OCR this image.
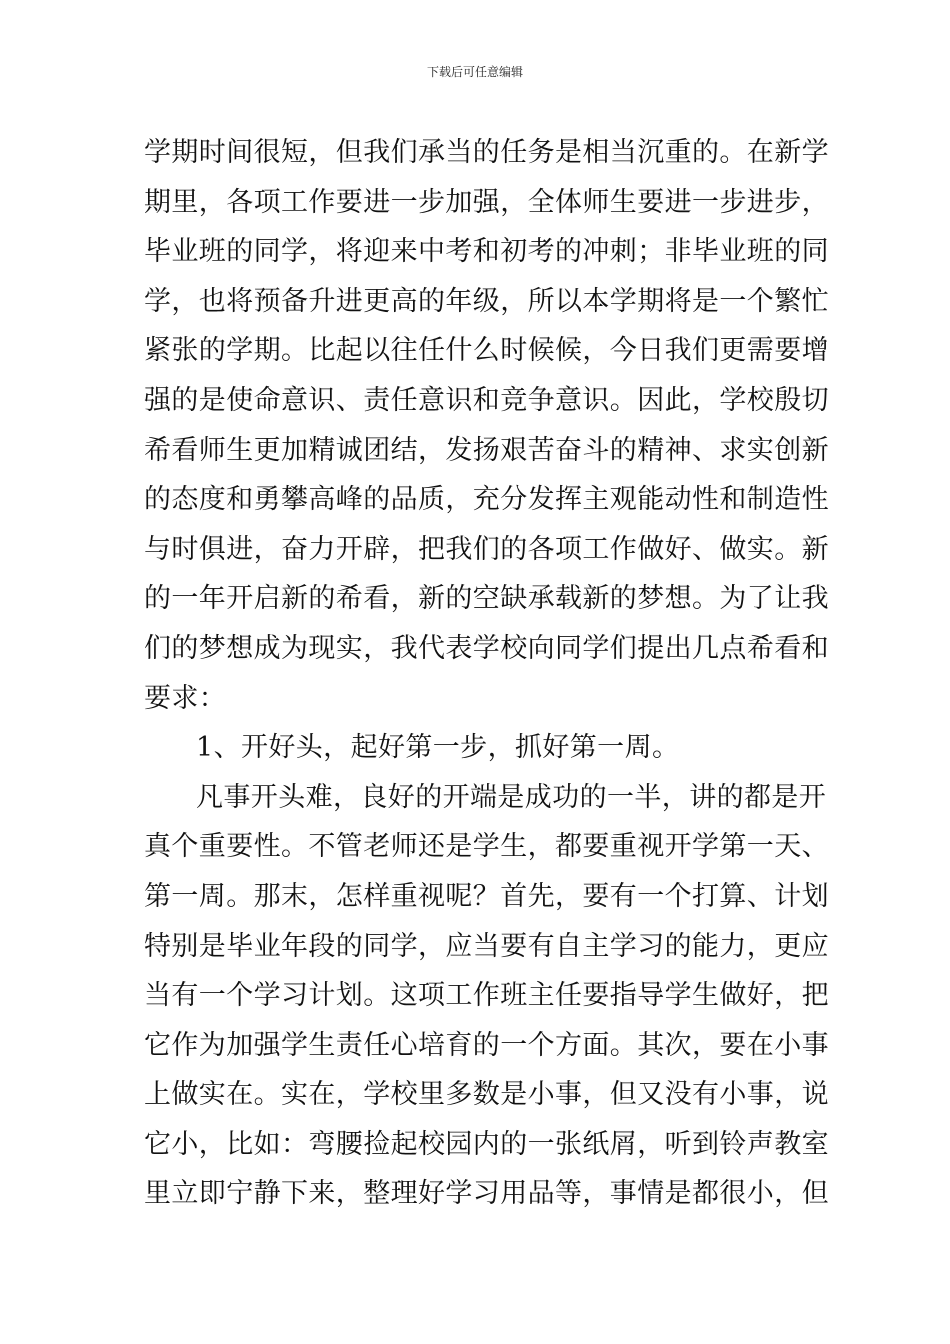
下载后可任意编辑
学期时间很短，但我们承当的任务是相当沉重的。在新学
期里，各项工作要进一步加强，全体师生要进一步进步，
毕业班的同学，将迎来中考和初考的冲刺；非毕业班的同
学，也将预备升进更高的年级，所以本学期将是一个繁忙
紧张的学期。比起以往任什么时候候，今日我们更需要增
强的是使命意识、责任意识和竞争意识。因此，学校殷切
希看师生更加精诚团结，发扬艰苦奋斗的精神、求实创新
的态度和勇攀高峰的品质，充分发挥主观能动性和制造性
与时俱进，奋力开辟，把我们的各项工作做好、做实。新
的一年开启新的希看，新的空缺承载新的梦想。为了让我
们的梦想成为现实，我代表学校向同学们提出几点希看和
要求：
1、开好头，起好第一步，抓好第一周。
凡事开头难，良好的开端是成功的一半，讲的都是开
真个重要性。不管老师还是学生，都要重视开学第一天、
第一周。那末，怎样重视呢？首先，要有一个打算、计划
特别是毕业年段的同学，应当要有自主学习的能力，更应
当有一个学习计划。这项工作班主任要指导学生做好，把
它作为加强学生责任心培育的一个方面。其次，要在小事
上做实在。实在，学校里多数是小事，但又没有小事，说
它小，比如：弯腰捡起校园内的一张纸屑，听到铃声教室
里立即宁静下来，整理好学习用品等，事情是都很小，但
